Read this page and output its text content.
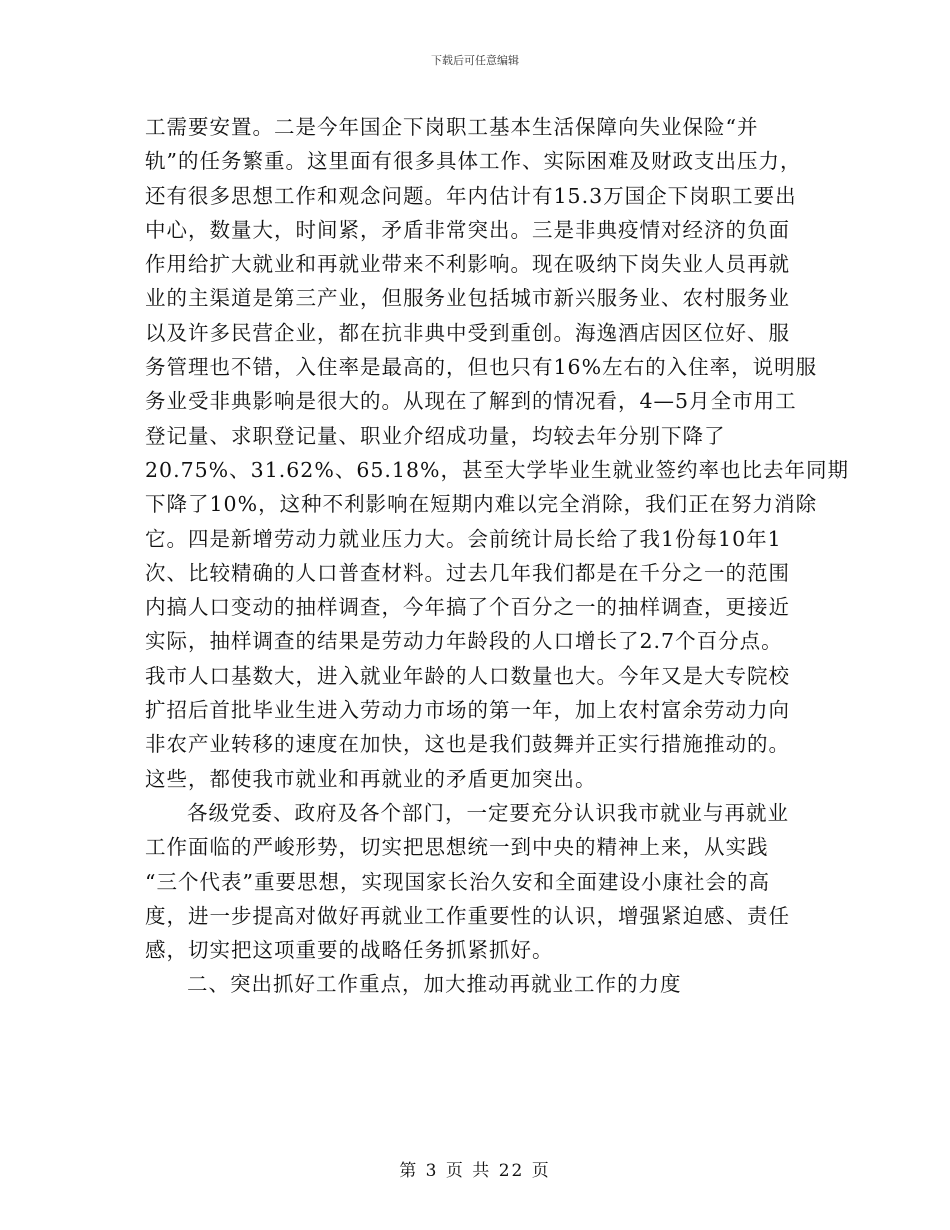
下载后可任意编辑
工需要安置。二是今年国企下岗职工基本生活保障向失业保险“并
轨”的任务繁重。这里面有很多具体工作、实际困难及财政支出压力，
还有很多思想工作和观念问题。年内估计有15.3万国企下岗职工要出
中心，数量大，时间紧，矛盾非常突出。三是非典疫情对经济的负面
作用给扩大就业和再就业带来不利影响。现在吸纳下岗失业人员再就
业的主渠道是第三产业，但服务业包括城市新兴服务业、农村服务业
以及许多民营企业，都在抗非典中受到重创。海逸酒店因区位好、服
务管理也不错，入住率是最高的，但也只有16%左右的入住率，说明服
务业受非典影响是很大的。从现在了解到的情况看，4—5月全市用工
登记量、求职登记量、职业介绍成功量，均较去年分别下降了
20.75%、31.62%、65.18%，甚至大学毕业生就业签约率也比去年同期
下降了10%，这种不利影响在短期内难以完全消除，我们正在努力消除
它。四是新增劳动力就业压力大。会前统计局长给了我1份每10年1
次、比较精确的人口普查材料。过去几年我们都是在千分之一的范围
内搞人口变动的抽样调查，今年搞了个百分之一的抽样调查，更接近
实际，抽样调查的结果是劳动力年龄段的人口增长了2.7个百分点。
我市人口基数大，进入就业年龄的人口数量也大。今年又是大专院校
扩招后首批毕业生进入劳动力市场的第一年，加上农村富余劳动力向
非农产业转移的速度在加快，这也是我们鼓舞并正实行措施推动的。
这些，都使我市就业和再就业的矛盾更加突出。
各级党委、政府及各个部门，一定要充分认识我市就业与再就业
工作面临的严峻形势，切实把思想统一到中央的精神上来，从实践
“三个代表”重要思想，实现国家长治久安和全面建设小康社会的高
度，进一步提高对做好再就业工作重要性的认识，增强紧迫感、责任
感，切实把这项重要的战略任务抓紧抓好。
二、突出抓好工作重点，加大推动再就业工作的力度
第 3 页 共 22 页
